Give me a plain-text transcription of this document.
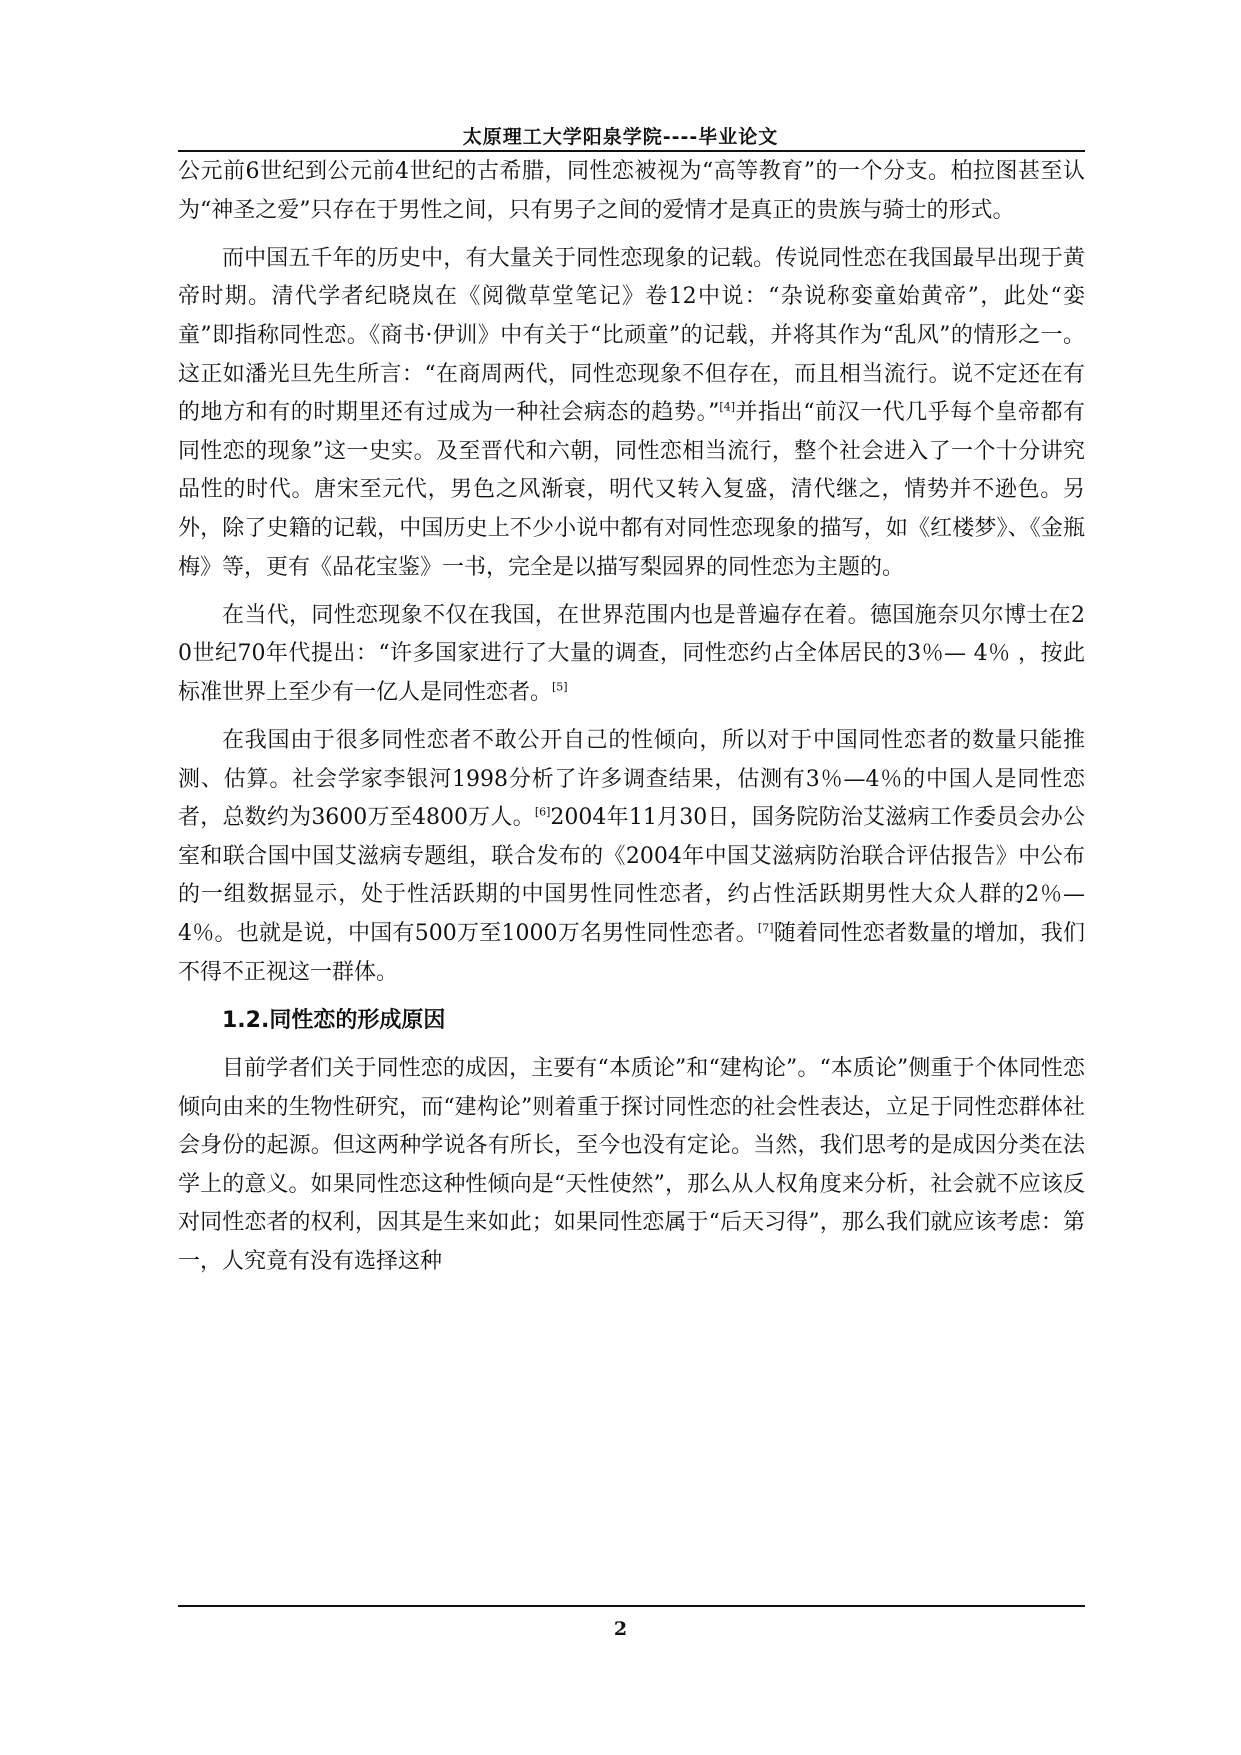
太原理工大学阳泉学院----毕业论文

公元前6世纪到公元前4世纪的古希腊，同性恋被视为“高等教育”的一个分支。柏拉图甚至认为“神圣之爱”只存在于男性之间，只有男子之间的爱情才是真正的贵族与骑士的形式。

而中国五千年的历史中，有大量关于同性恋现象的记载。传说同性恋在我国最早出现于黄帝时期。清代学者纪晓岚在《阅微草堂笔记》卷12中说：“杂说称娈童始黄帝”，此处“娈童”即指称同性恋。《商书·伊训》中有关于“比顽童”的记载，并将其作为“乱风”的情形之一。这正如潘光旦先生所言：“在商周两代，同性恋现象不但存在，而且相当流行。说不定还在有的地方和有的时期里还有过成为一种社会病态的趋势。”[4]并指出“前汉一代几乎每个皇帝都有同性恋的现象”这一史实。及至晋代和六朝，同性恋相当流行，整个社会进入了一个十分讲究品性的时代。唐宋至元代，男色之风渐衰，明代又转入复盛，清代继之，情势并不逊色。另外，除了史籍的记载，中国历史上不少小说中都有对同性恋现象的描写，如《红楼梦》、《金瓶梅》等，更有《品花宝鉴》一书，完全是以描写梨园界的同性恋为主题的。

在当代，同性恋现象不仅在我国，在世界范围内也是普遍存在着。德国施奈贝尔博士在20世纪70年代提出：“许多国家进行了大量的调查，同性恋约占全体居民的3％— 4％ ，按此标准世界上至少有一亿人是同性恋者。[5]

在我国由于很多同性恋者不敢公开自己的性倾向，所以对于中国同性恋者的数量只能推测、估算。社会学家李银河1998分析了许多调查结果，估测有3％—4％的中国人是同性恋者，总数约为3600万至4800万人。[6]2004年11月30日，国务院防治艾滋病工作委员会办公室和联合国中国艾滋病专题组，联合发布的《2004年中国艾滋病防治联合评估报告》中公布的一组数据显示，处于性活跃期的中国男性同性恋者，约占性活跃期男性大众人群的2％—4％。也就是说，中国有500万至1000万名男性同性恋者。[7]随着同性恋者数量的增加，我们不得不正视这一群体。

1.2.同性恋的形成原因

目前学者们关于同性恋的成因，主要有“本质论”和“建构论”。“本质论”侧重于个体同性恋倾向由来的生物性研究，而“建构论”则着重于探讨同性恋的社会性表达，立足于同性恋群体社会身份的起源。但这两种学说各有所长，至今也没有定论。当然，我们思考的是成因分类在法学上的意义。如果同性恋这种性倾向是“天性使然”，那么从人权角度来分析，社会就不应该反对同性恋者的权利，因其是生来如此；如果同性恋属于“后天习得”，那么我们就应该考虑：第一，人究竟有没有选择这种

2
